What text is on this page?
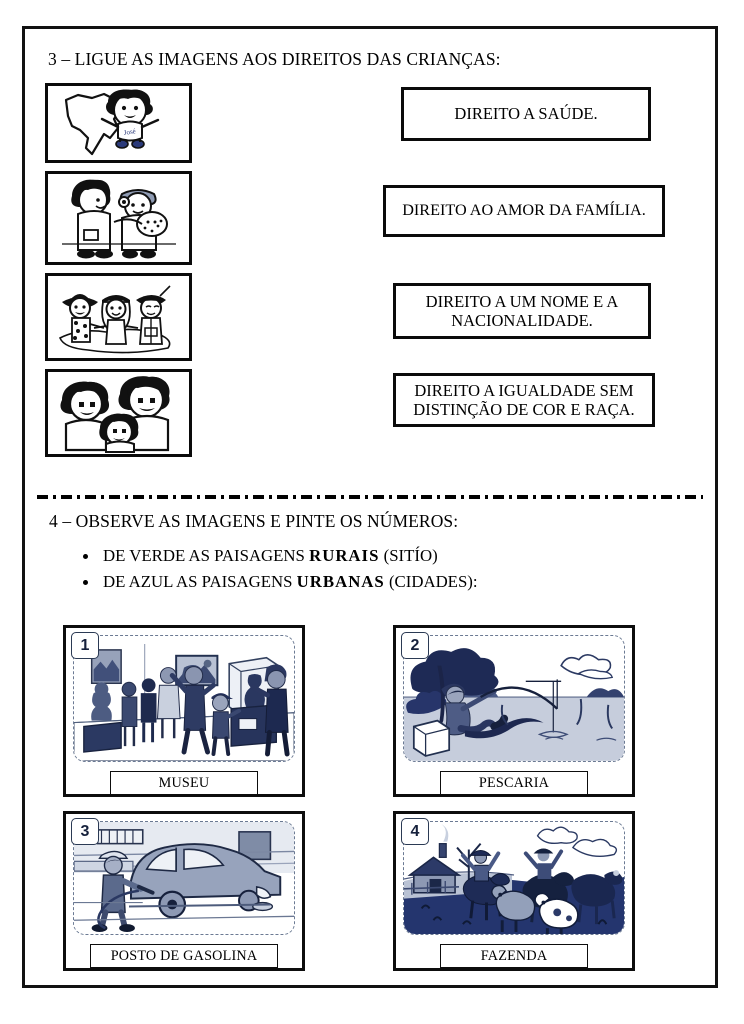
3 – LIGUE AS IMAGENS AOS DIREITOS DAS CRIANÇAS:
José
DIREITO A SAÚDE.
DIREITO AO AMOR DA FAMÍLIA.
DIREITO A UM NOME E A NACIONALIDADE.
DIREITO A IGUALDADE SEM DISTINÇÃO DE COR E RAÇA.
4 – OBSERVE AS IMAGENS E PINTE OS NÚMEROS:
DE VERDE AS PAISAGENS RURAIS (SITÍO)
DE AZUL AS PAISAGENS URBANAS (CIDADES):
1
MUSEU
2
PESCARIA
3
POSTO DE GASOLINA
4
FAZENDA
